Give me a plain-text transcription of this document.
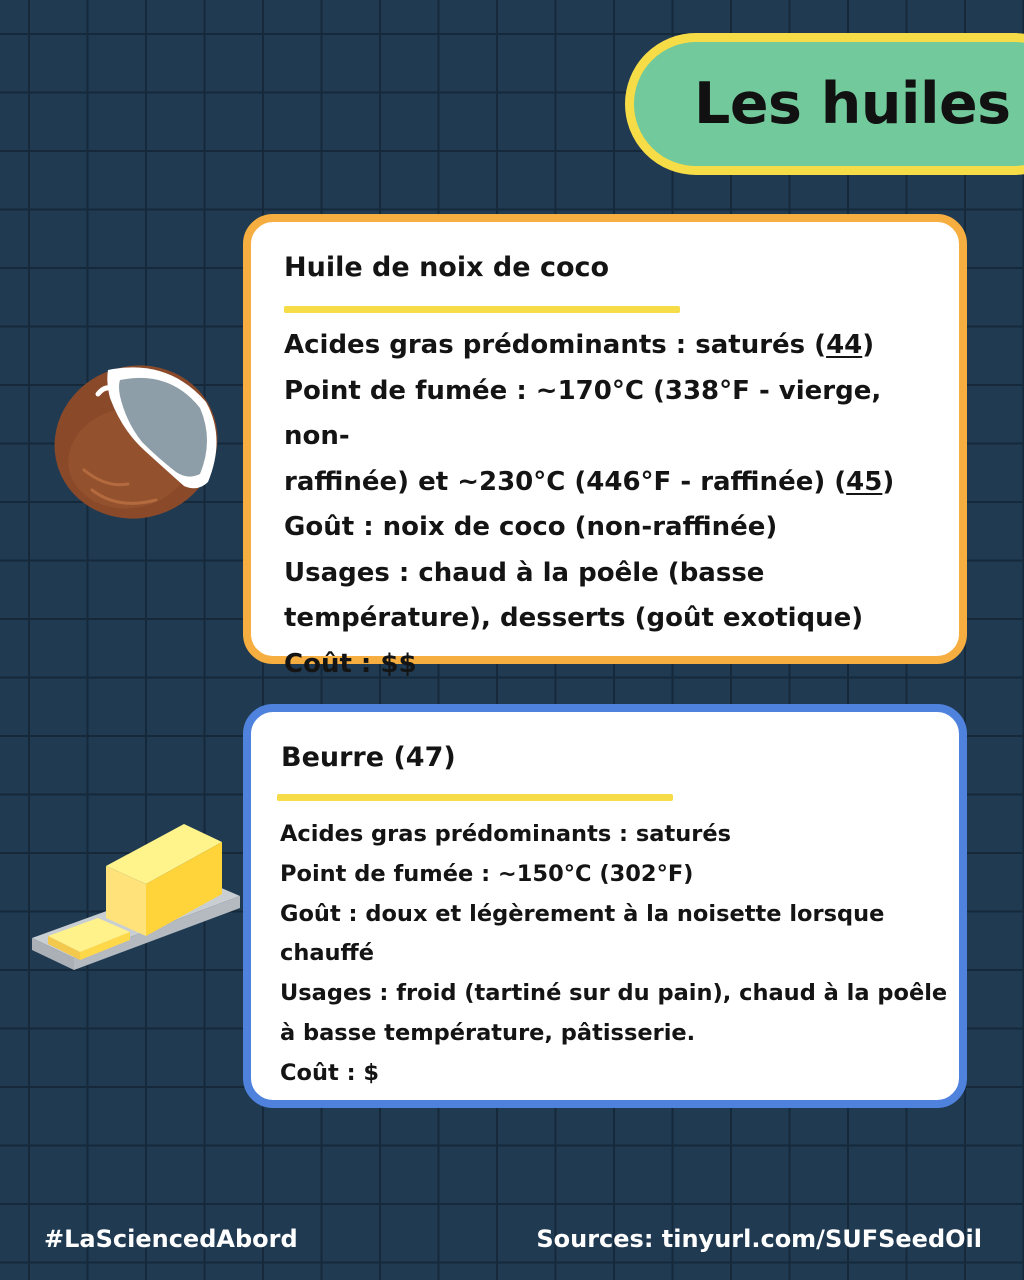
Les huiles
Huile de noix de coco
Acides gras prédominants : saturés (44)
Point de fumée : ~170°C (338°F - vierge, non-
raffinée) et ~230°C (446°F - raffinée) (45)
Goût : noix de coco (non-raffinée)
Usages : chaud à la poêle (basse
température), desserts (goût exotique)
Coût : $$
Beurre (47)
Acides gras prédominants : saturés
Point de fumée : ~150°C (302°F)
Goût : doux et légèrement à la noisette lorsque
chauffé
Usages : froid (tartiné sur du pain), chaud à la poêle
à basse température, pâtisserie.
Coût : $
#LaSciencedAbord	Sources: tinyurl.com/SUFSeedOil
